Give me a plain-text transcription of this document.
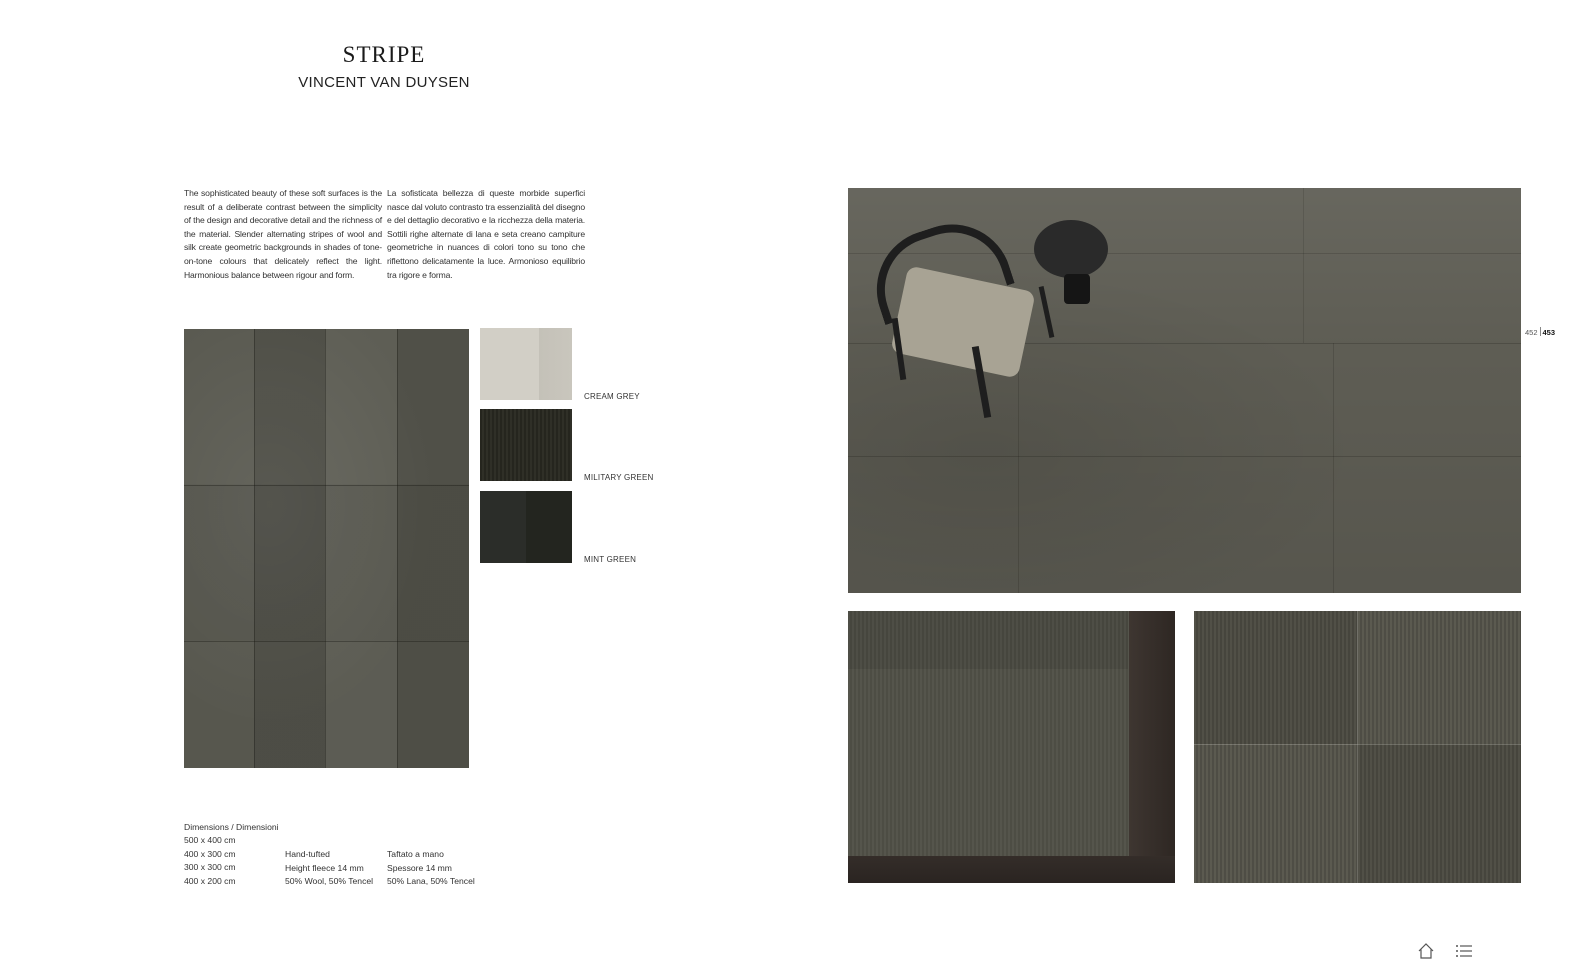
STRIPE
VINCENT VAN DUYSEN
The sophisticated beauty of these soft surfaces is the result of a deliberate contrast between the simplicity of the design and decorative detail and the richness of the material. Slender alternating stripes of wool and silk create geometric backgrounds in shades of tone-on-tone colours that delicately reflect the light. Harmonious balance between rigour and form.
La sofisticata bellezza di queste morbide superfici nasce dal voluto contrasto tra essenzialità del disegno e del dettaglio decorativo e la ricchezza della materia. Sottili righe alternate di lana e seta creano campiture geometriche in nuances di colori tono su tono che riflettono delicatamente la luce. Armonioso equilibrio tra rigore e forma.
CREAM GREY
MILITARY GREEN
MINT GREEN
Dimensions / Dimensioni
500 x 400 cm
400 x 300 cm
300 x 300 cm
400 x 200 cm
Hand-tufted
Height fleece 14 mm
50% Wool, 50% Tencel
Taftato a mano
Spessore 14 mm
50% Lana, 50% Tencel
452 453
